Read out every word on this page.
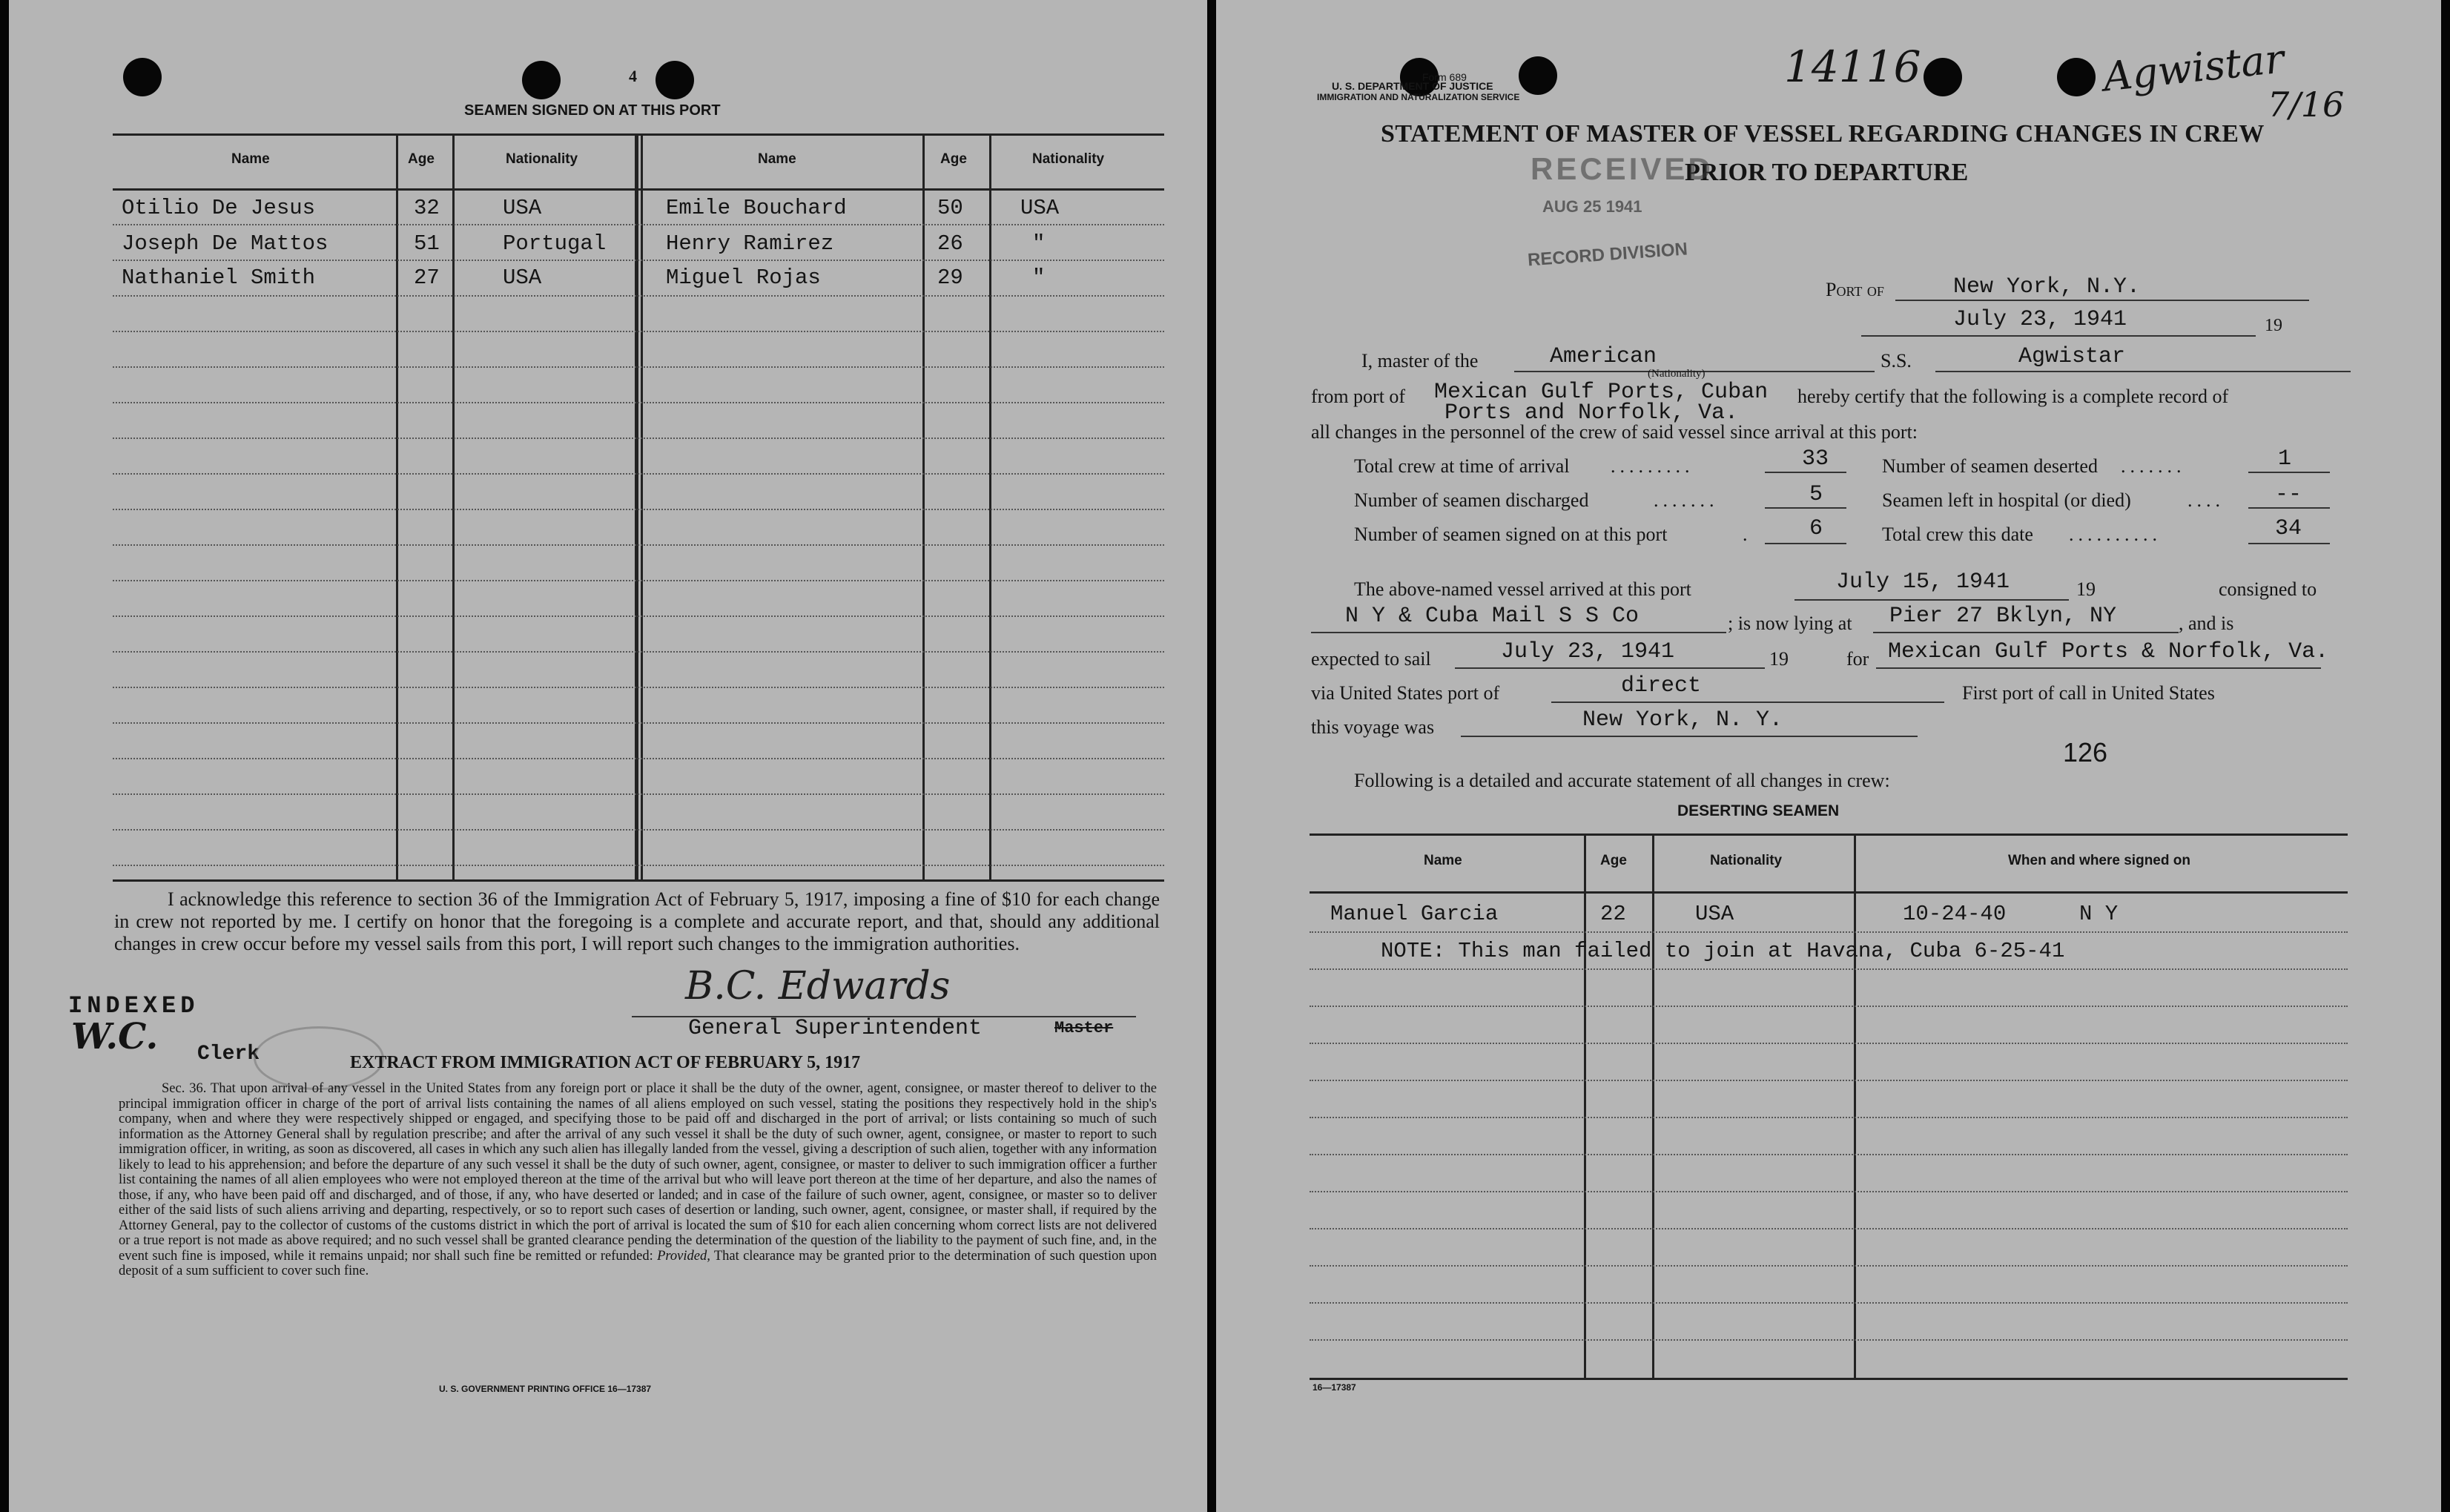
4
SEAMEN SIGNED ON AT THIS PORT
Name	Age	Nationality	Name	Age	Nationality
Otilio De Jesus	32	USA	Emile Bouchard	50	USA
Joseph De Mattos	51	Portugal	Henry Ramirez	26	"
Nathaniel Smith	27	USA	Miguel Rojas	29	"
I acknowledge this reference to section 36 of the Immigration Act of February 5, 1917, imposing a fine of $10 for each change in crew not reported by me. I certify on honor that the foregoing is a complete and accurate report, and that, should any additional changes in crew occur before my vessel sails from this port, I will report such changes to the immigration authorities.
INDEXED
W.C. Clerk
B.C. Edwards
General Superintendent	Master
EXTRACT FROM IMMIGRATION ACT OF FEBRUARY 5, 1917
Sec. 36. That upon arrival of any vessel in the United States from any foreign port or place it shall be the duty of the owner, agent, consignee, or master thereof to deliver to the principal immigration officer in charge of the port of arrival lists containing the names of all aliens employed on such vessel, stating the positions they respectively hold in the ship's company, when and where they were respectively shipped or engaged, and specifying those to be paid off and discharged in the port of arrival; or lists containing so much of such information as the Attorney General shall by regulation prescribe; and after the arrival of any such vessel it shall be the duty of such owner, agent, consignee, or master to report to such immigration officer, in writing, as soon as discovered, all cases in which any such alien has illegally landed from the vessel, giving a description of such alien, together with any information likely to lead to his apprehension; and before the departure of any such vessel it shall be the duty of such owner, agent, consignee, or master to deliver to such immigration officer a further list containing the names of all alien employees who were not employed thereon at the time of the arrival but who will leave port thereon at the time of her departure, and also the names of those, if any, who have been paid off and discharged, and of those, if any, who have deserted or landed; and in case of the failure of such owner, agent, consignee, or master so to deliver either of the said lists of such aliens arriving and departing, respectively, or so to report such cases of desertion or landing, such owner, agent, consignee, or master shall, if required by the Attorney General, pay to the collector of customs of the customs district in which the port of arrival is located the sum of $10 for each alien concerning whom correct lists are not delivered or a true report is not made as above required; and no such vessel shall be granted clearance pending the determination of the question of the liability to the payment of such fine, and, in the event such fine is imposed, while it remains unpaid; nor shall such fine be remitted or refunded: Provided, That clearance may be granted prior to the determination of such question upon deposit of a sum sufficient to cover such fine.
U. S. GOVERNMENT PRINTING OFFICE 16—17387
Form 689
U. S. DEPARTMENT OF JUSTICE
IMMIGRATION AND NATURALIZATION SERVICE
14116	Agwistar
7/16
STATEMENT OF MASTER OF VESSEL REGARDING CHANGES IN CREW
PRIOR TO DEPARTURE
RECEIVED
AUG 25 1941
RECORD DIVISION
Port of	New York, N.Y.
July 23, 1941	19
I, master of the	American
(Nationality)
S.S.	Agwistar
from port of Mexican Gulf Ports, Cuban hereby certify that the following is a complete record of
Ports and Norfolk, Va.
all changes in the personnel of the crew of said vessel since arrival at this port:
Total crew at time of arrival .........	33	Number of seamen deserted .......	1
Number of seamen discharged	.......	5	Seamen left in hospital (or died)	.... --
Number of seamen signed on at this port	.	6	Total crew this date ..........	34
The above-named vessel arrived at this port	July 15, 1941	19	consigned to
N Y & Cuba Mail S S Co	; is now lying at Pier 27 Bklyn, NY	, and is
expected to sail	July 23, 1941	19	for Mexican Gulf Ports & Norfolk, Va.
via United States port of	direct	First port of call in United States
this voyage was	New York, N. Y.
126
Following is a detailed and accurate statement of all changes in crew:
DESERTING SEAMEN
Name	Age	Nationality	When and where signed on
Manuel Garcia	22	USA	10-24-40	N Y
NOTE: This man failed to join at Havana, Cuba 6-25-41
16—17387
